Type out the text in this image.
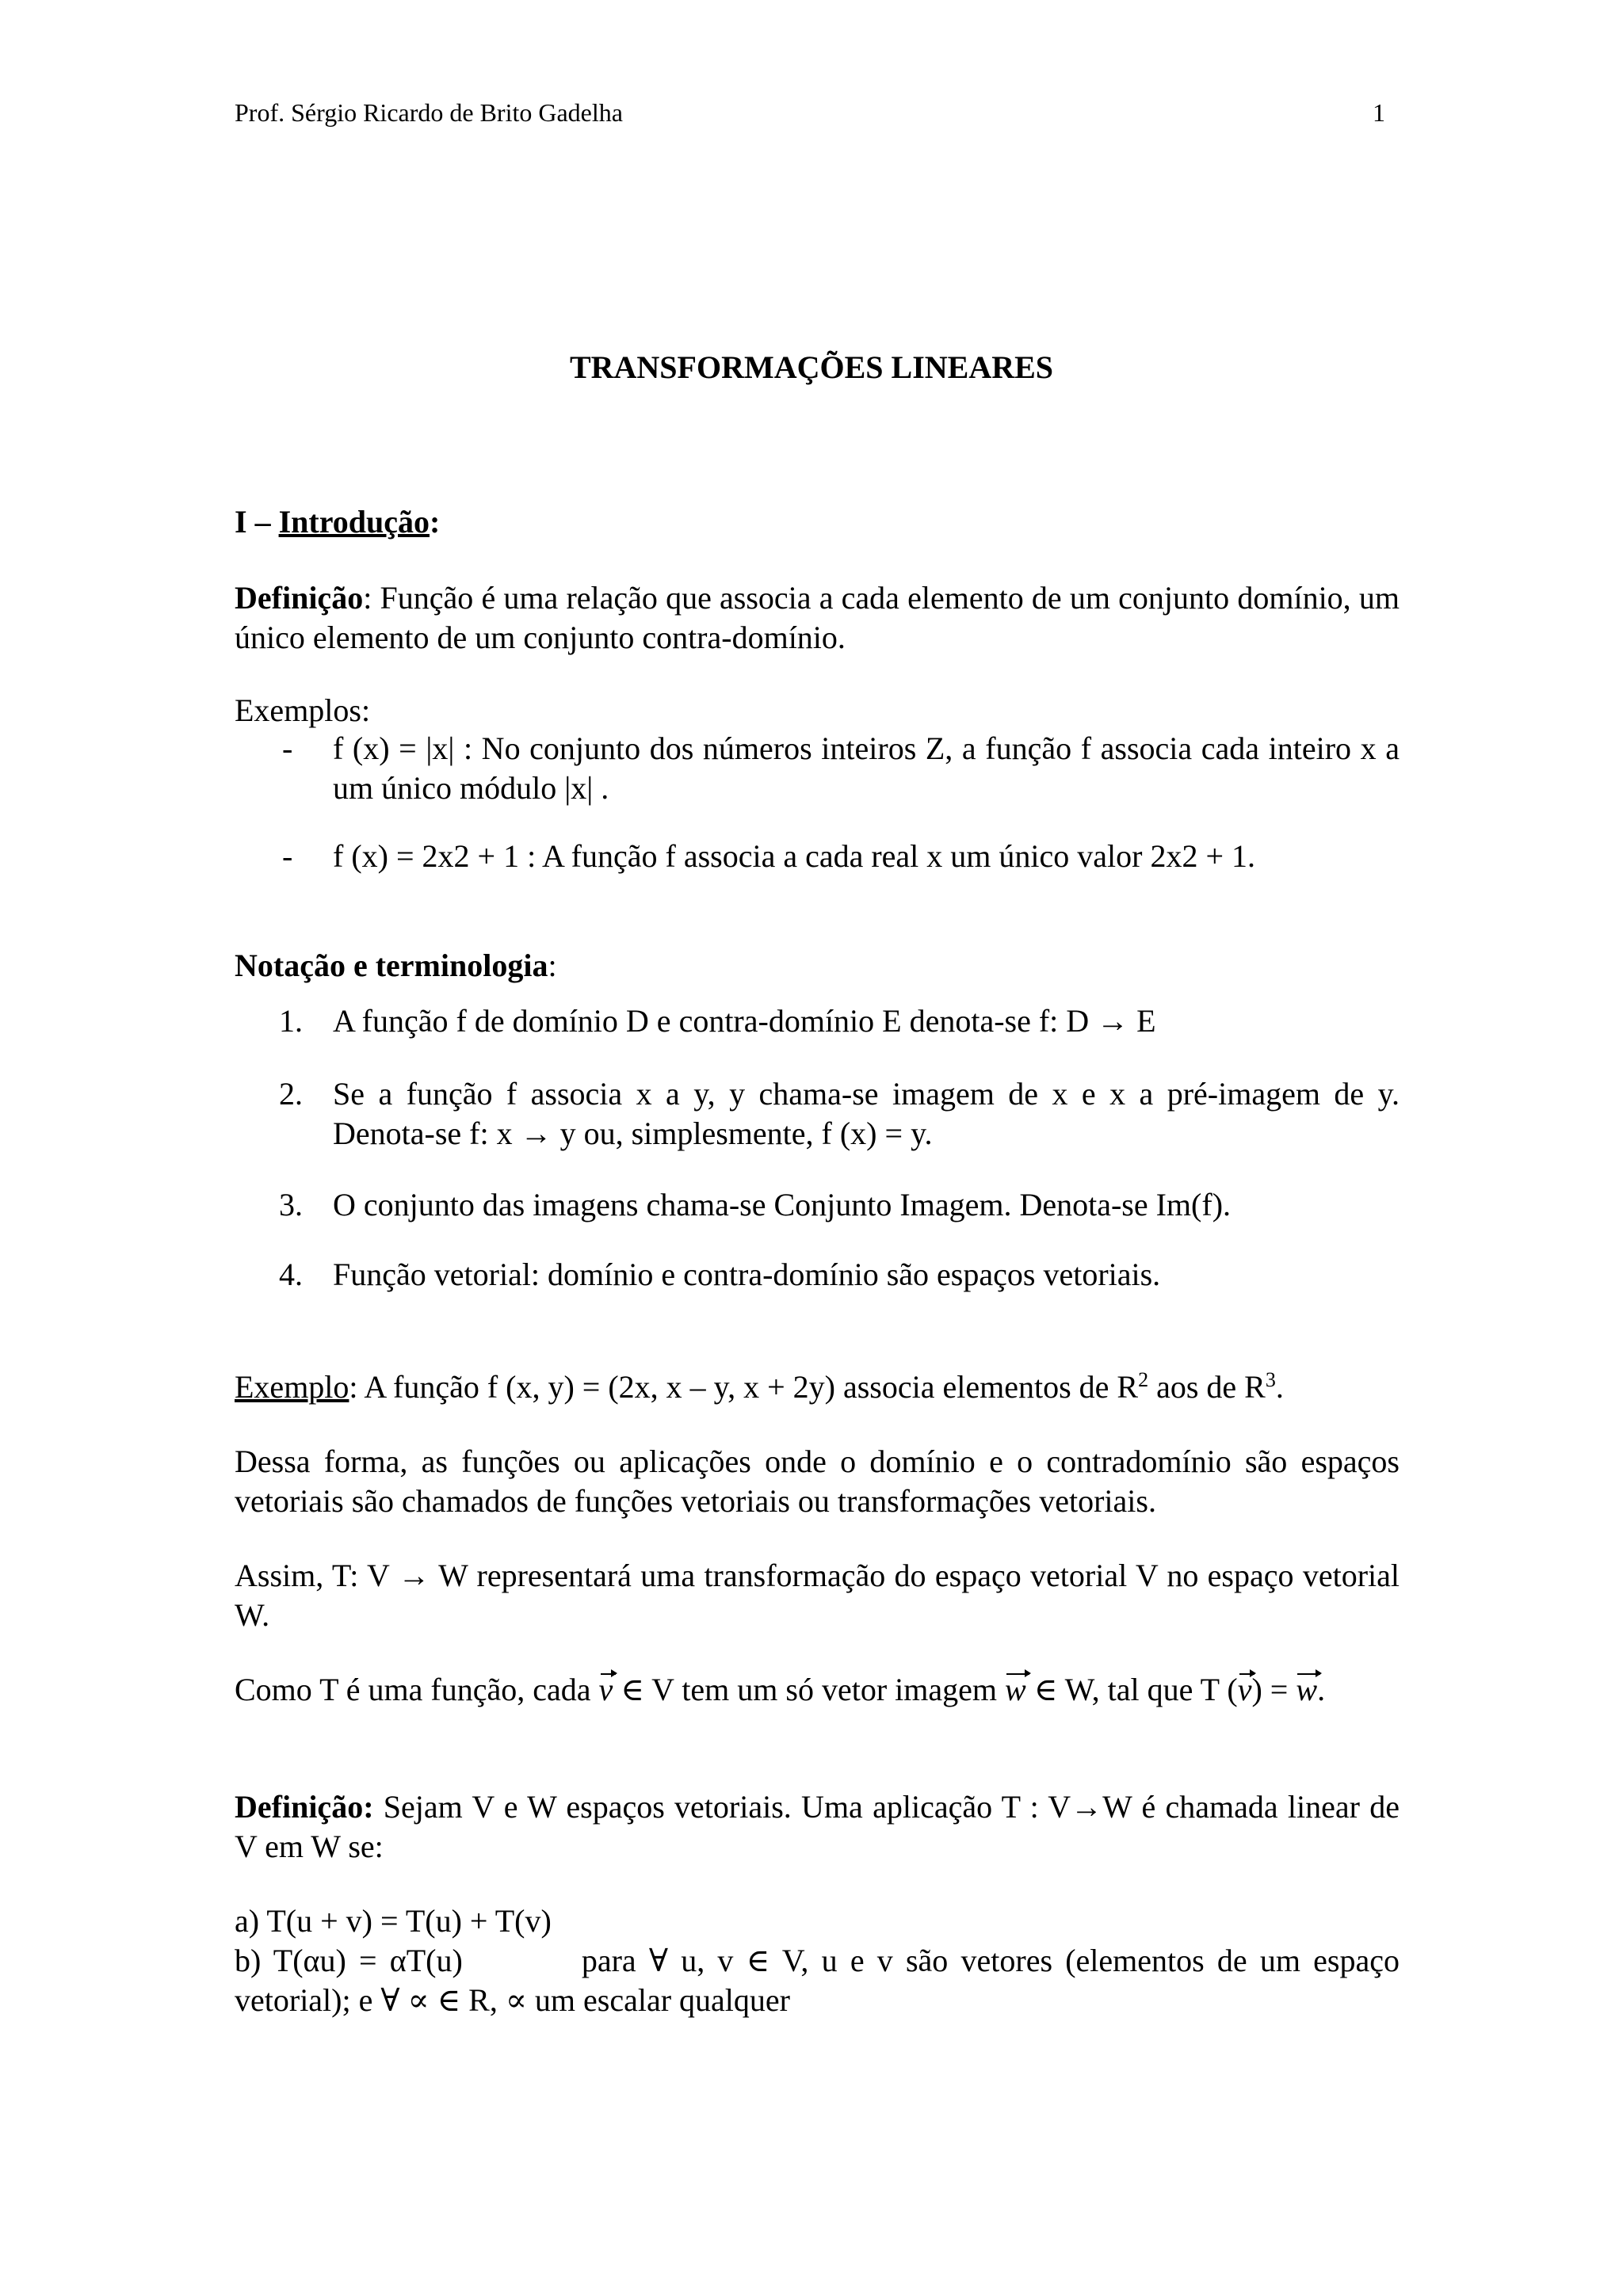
Prof. Sérgio Ricardo de Brito Gadelha	1
TRANSFORMAÇÕES LINEARES
I – Introdução:
Definição: Função é uma relação que associa a cada elemento de um conjunto domínio, um único elemento de um conjunto contra-domínio.
Exemplos:
-	f (x) = |x| : No conjunto dos números inteiros Z, a função f associa cada inteiro x a um único módulo |x| .
-	f (x) = 2x2 + 1 : A função f associa a cada real x um único valor 2x2 + 1.
Notação e terminologia:
1. A função f de domínio D e contra-domínio E denota-se f: D → E
2. Se a função f associa x a y, y chama-se imagem de x e x a pré-imagem de y. Denota-se f: x → y ou, simplesmente, f (x) = y.
3. O conjunto das imagens chama-se Conjunto Imagem. Denota-se Im(f).
4. Função vetorial: domínio e contra-domínio são espaços vetoriais.
Exemplo: A função f (x, y) = (2x, x – y, x + 2y) associa elementos de $R^2$ aos de $R^3$.
Dessa forma, as funções ou aplicações onde o domínio e o contradomínio são espaços vetoriais são chamados de funções vetoriais ou transformações vetoriais.
Assim, T: V → W representará uma transformação do espaço vetorial V no espaço vetorial W.
Como T é uma função, cada v ∈ V tem um só vetor imagem w ∈ W, tal que T (v) = w.
Definição: Sejam V e W espaços vetoriais. Uma aplicação T : V→W é chamada linear de V em W se:
a) T(u + v) = T(u) + T(v)
b) T(αu) = αT(u)	para ∀ u, v ∈ V, u e v são vetores (elementos de um espaço vetorial); e ∀ ∝ ∈ R, ∝ um escalar qualquer
